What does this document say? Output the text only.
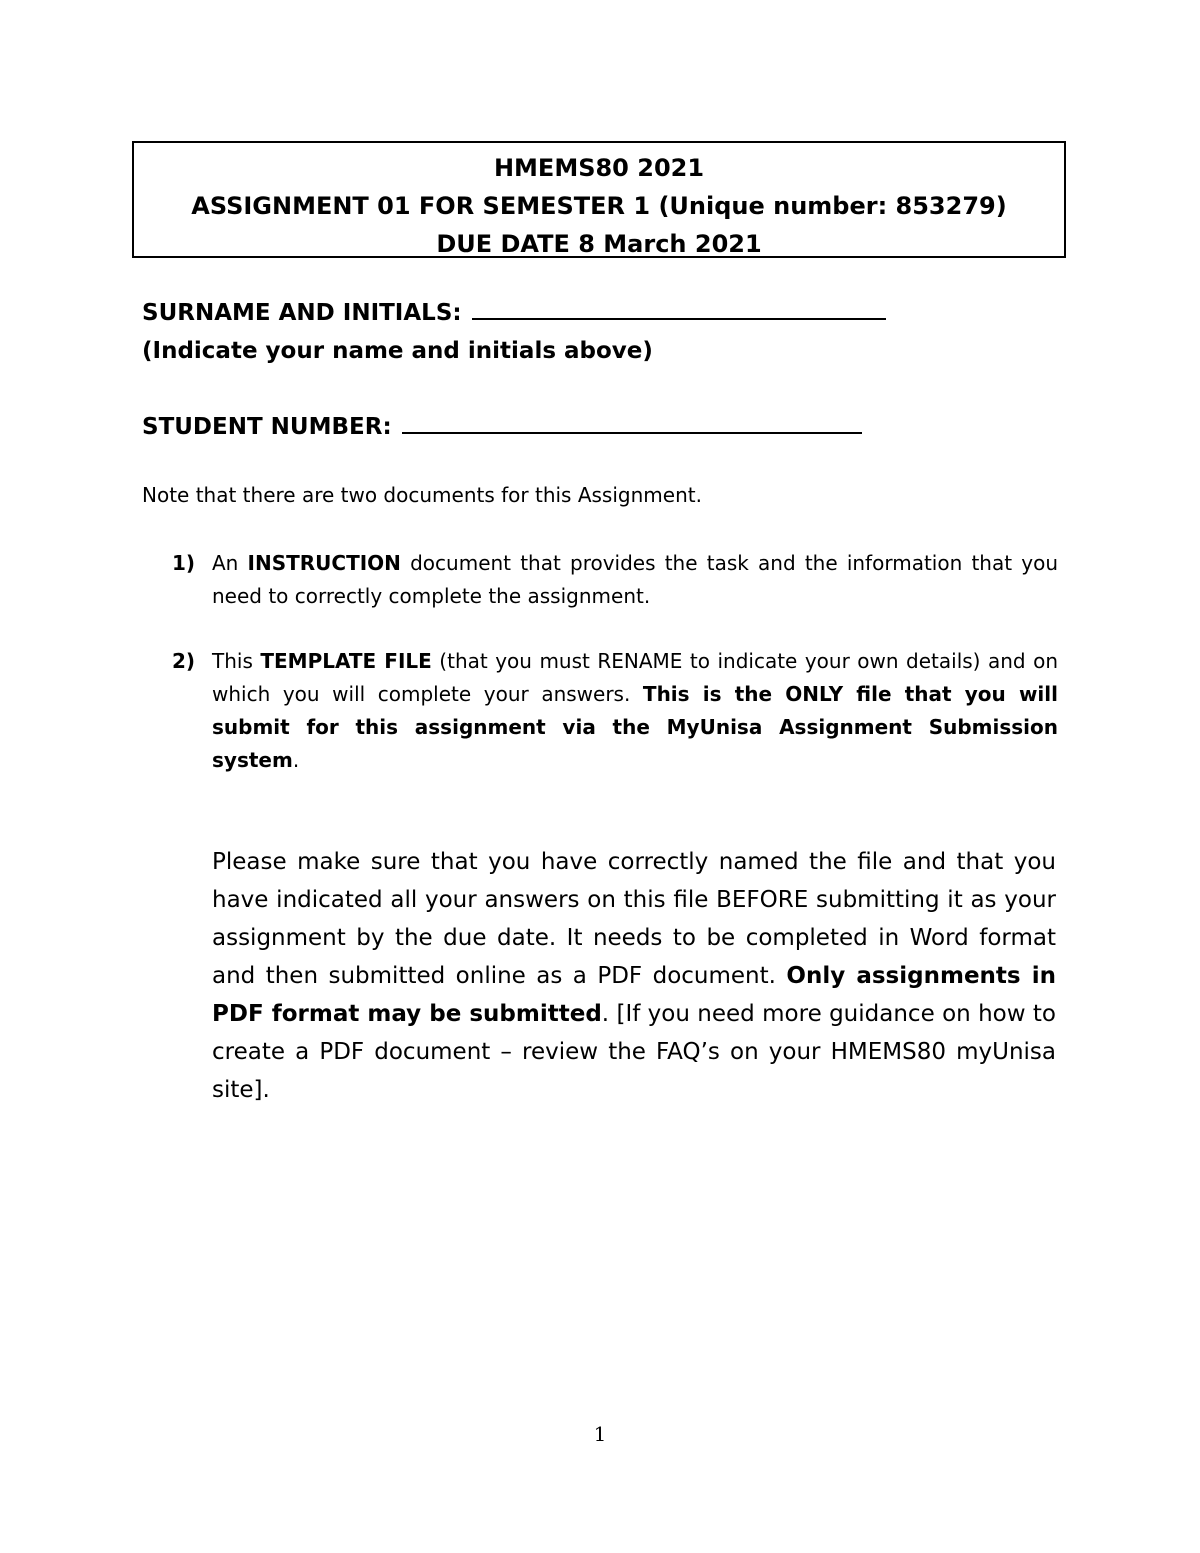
HMEMS80 2021
ASSIGNMENT 01 FOR SEMESTER 1 (Unique number: 853279)
DUE DATE 8 March 2021
SURNAME AND INITIALS:
(Indicate your name and initials above)
STUDENT NUMBER:
Note that there are two documents for this Assignment.
1) An INSTRUCTION document that provides the task and the information that you need to correctly complete the assignment.
2) This TEMPLATE FILE (that you must RENAME to indicate your own details) and on which you will complete your answers. This is the ONLY file that you will submit for this assignment via the MyUnisa Assignment Submission system.
Please make sure that you have correctly named the file and that you have indicated all your answers on this file BEFORE submitting it as your assignment by the due date. It needs to be completed in Word format and then submitted online as a PDF document. Only assignments in PDF format may be submitted. [If you need more guidance on how to create a PDF document – review the FAQ’s on your HMEMS80 myUnisa site].
1
